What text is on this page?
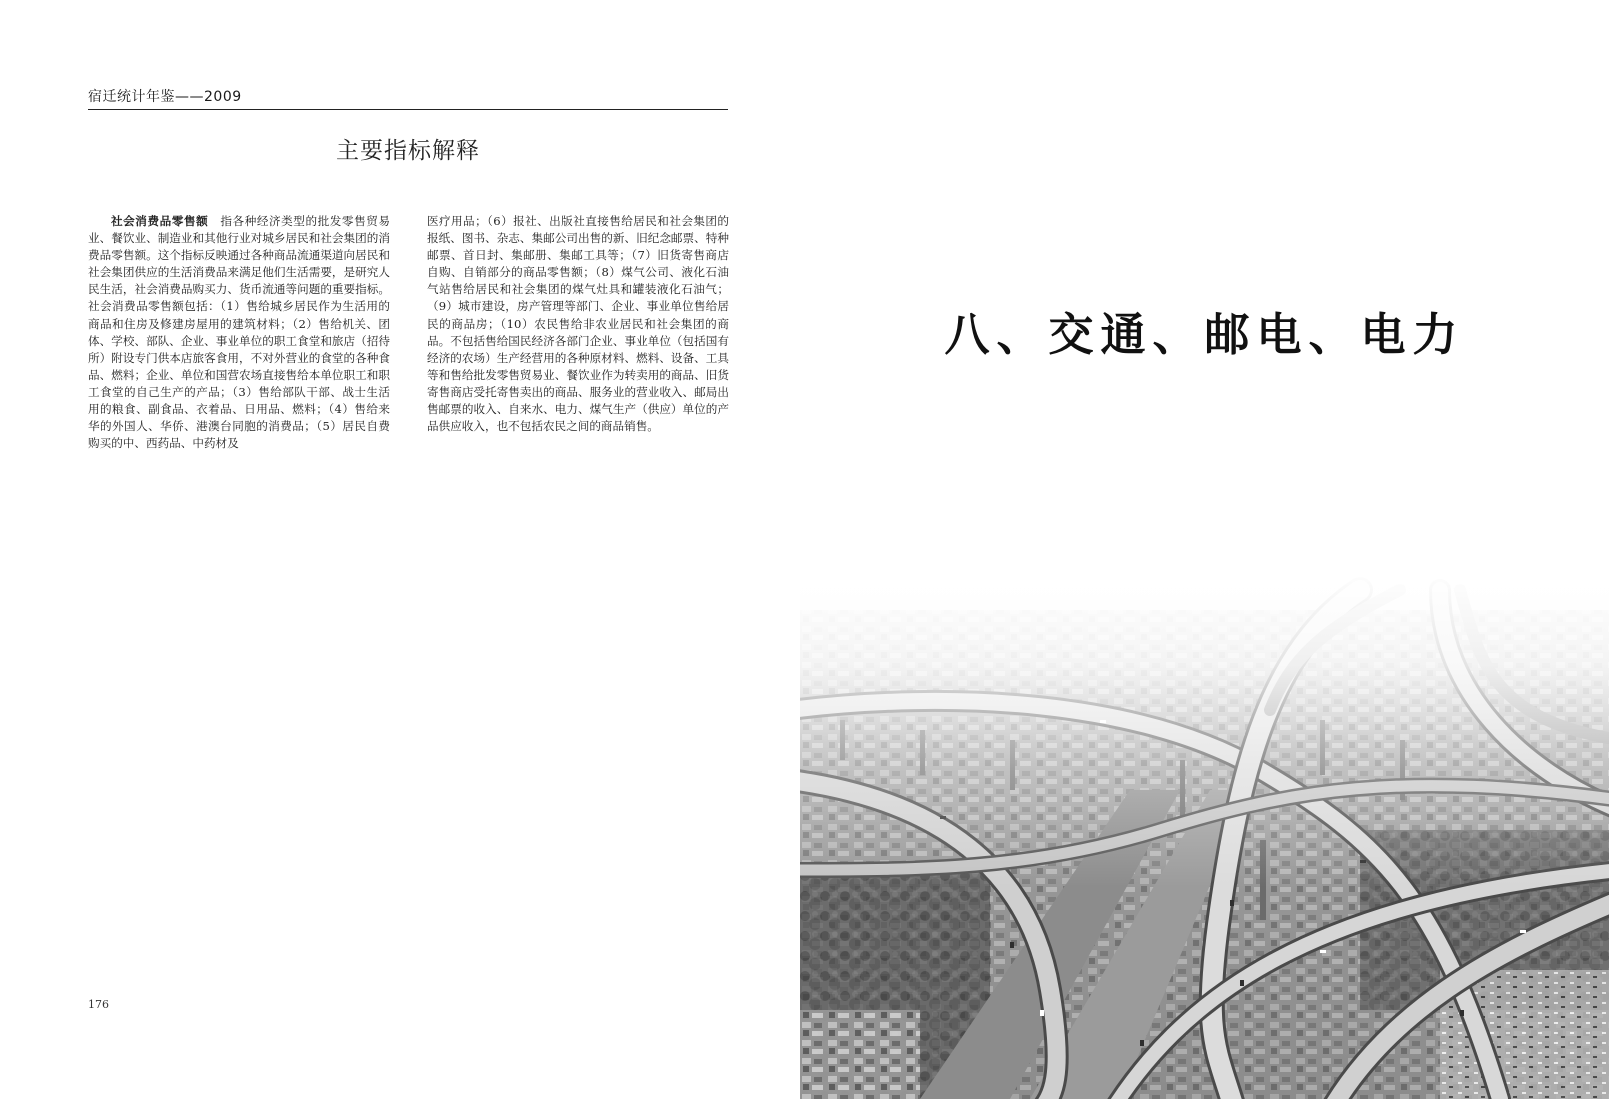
宿迁统计年鉴——2009
主要指标解释
社会消费品零售额　 指各种经济类型的批发零售贸易业、餐饮业、制造业和其他行业对城乡居民和社会集团的消费品零售额。这个指标反映通过各种商品流通渠道向居民和社会集团供应的生活消费品来满足他们生活需要，是研究人民生活，社会消费品购买力、货币流通等问题的重要指标。社会消费品零售额包括：（1）售给城乡居民作为生活用的商品和住房及修建房屋用的建筑材料；（2）售给机关、团体、学校、部队、企业、事业单位的职工食堂和旅店（招待所）附设专门供本店旅客食用，不对外营业的食堂的各种食品、燃料；企业、单位和国营农场直接售给本单位职工和职工食堂的自己生产的产品；（3）售给部队干部、战士生活用的粮食、副食品、衣着品、日用品、燃料；（4）售给来华的外国人、华侨、港澳台同胞的消费品；（5）居民自费购买的中、西药品、中药材及
医疗用品；（6）报社、出版社直接售给居民和社会集团的报纸、图书、杂志、集邮公司出售的新、旧纪念邮票、特种邮票、首日封、集邮册、集邮工具等；（7）旧货寄售商店自购、自销部分的商品零售额；（8）煤气公司、液化石油气站售给居民和社会集团的煤气灶具和罐装液化石油气；（9）城市建设，房产管理等部门、企业、事业单位售给居民的商品房；（10）农民售给非农业居民和社会集团的商品。不包括售给国民经济各部门企业、事业单位（包括国有经济的农场）生产经营用的各种原材料、燃料、设备、工具等和售给批发零售贸易业、餐饮业作为转卖用的商品、旧货寄售商店受托寄售卖出的商品、服务业的营业收入、邮局出售邮票的收入、自来水、电力、煤气生产（供应）单位的产品供应收入，也不包括农民之间的商品销售。
176
八、交通、邮电、电力
